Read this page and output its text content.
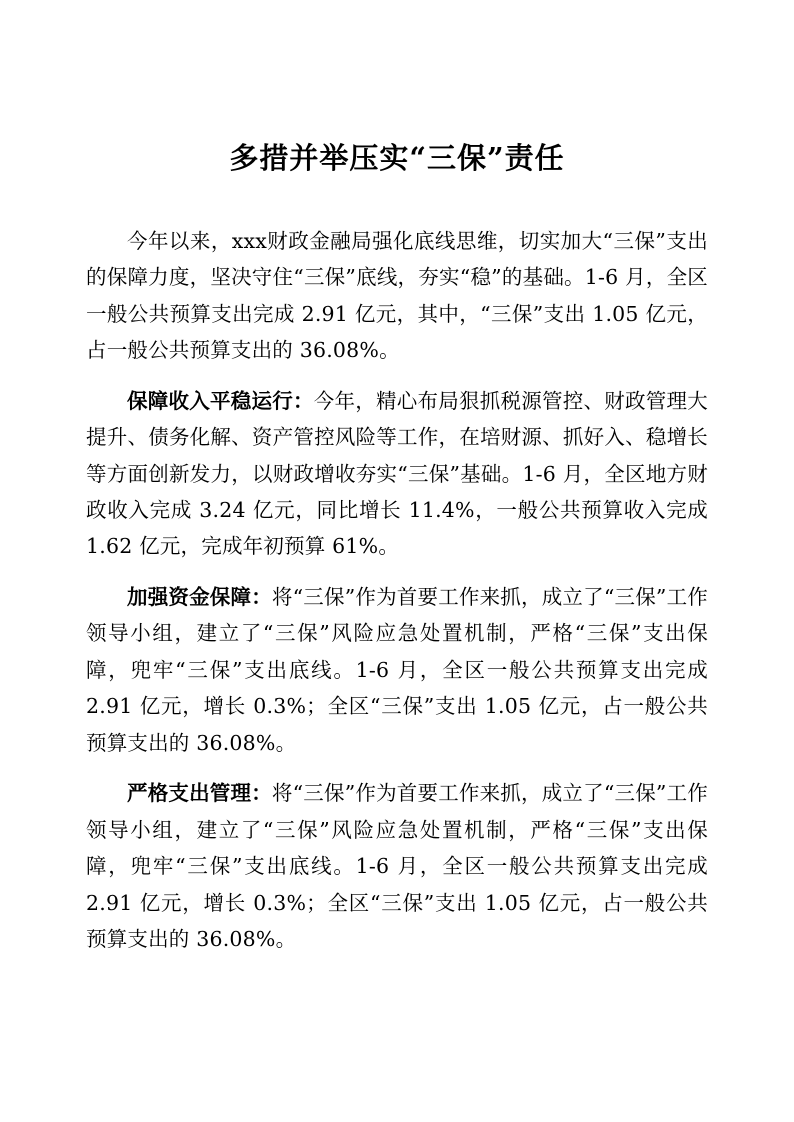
多措并举压实“三保”责任

今年以来，xxx财政金融局强化底线思维，切实加大“三保”支出的保障力度，坚决守住“三保”底线，夯实“稳”的基础。1-6 月，全区一般公共预算支出完成 2.91 亿元，其中，“三保”支出 1.05 亿元，占一般公共预算支出的 36.08%。

保障收入平稳运行：今年，精心布局狠抓税源管控、财政管理大提升、债务化解、资产管控风险等工作，在培财源、抓好入、稳增长等方面创新发力，以财政增收夯实“三保”基础。1-6 月，全区地方财政收入完成 3.24 亿元，同比增长 11.4%，一般公共预算收入完成 1.62 亿元，完成年初预算 61%。

加强资金保障：将“三保”作为首要工作来抓，成立了“三保”工作领导小组，建立了“三保”风险应急处置机制，严格“三保”支出保障，兜牢“三保”支出底线。1-6 月，全区一般公共预算支出完成 2.91 亿元，增长 0.3%；全区“三保”支出 1.05 亿元，占一般公共预算支出的 36.08%。

严格支出管理：将“三保”作为首要工作来抓，成立了“三保”工作领导小组，建立了“三保”风险应急处置机制，严格“三保”支出保障，兜牢“三保”支出底线。1-6 月，全区一般公共预算支出完成 2.91 亿元，增长 0.3%；全区“三保”支出 1.05 亿元，占一般公共预算支出的 36.08%。
